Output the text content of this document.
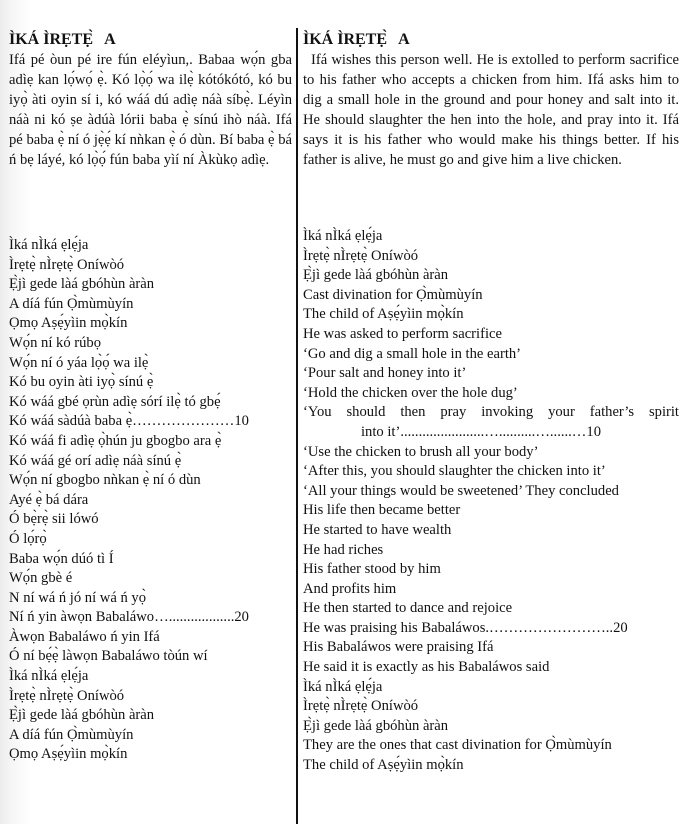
ÌKÁ ÌRẸTẸ̀   A

Ifá pé òun pé ire fún eléyìun,. Babaa wọ́n gba adìẹ kan lọ́wọ́ ẹ̀. Kó lọ̀ọ́ wa ilẹ̀ kótókótó, kó bu iyọ̀ àti oyin sí i, kó wáá dú adìẹ náà síbẹ̀. Léyìn náà ni kó ṣe àdúà lórii baba ẹ̀ sínú ihò náà. Ifá pé baba ẹ̀ ní ó jẹ̀ẹ́ kí nǹkan ẹ̀ ó dùn. Bí baba ẹ̀ bá ń bẹ láyé, kó lọ̀ọ́ fún baba yìí ní Àkùkọ adìẹ.

ÌKÁ ÌRẸTẸ̀   A

Ifá wishes this person well. He is extolled to perform sacrifice to his father who accepts a chicken from him. Ifá asks him to dig a small hole in the ground and pour honey and salt into it. He should slaughter the hen into the hole, and pray into it. Ifá says it is his father who would make his things better. If his father is alive, he must go and give him a live chicken.

Ìká nÌká ẹlẹ́ja
Ìrẹtẹ̀ nÌrẹtẹ̀ Oníwòó
Ẹ̀jì gede làá gbóhùn àràn
A díá fún Ọ̀mùmùyín
Ọmọ Aṣẹ́yìin mọ̀kín
Wọ́n ní kó rúbọ
Wọ́n ní ó yáa lọ̀ọ́ wa ilẹ̀
Kó bu oyin àti iyọ̀ sínú ẹ̀
Kó wáá gbé ọrùn adìẹ sórí ilẹ̀ tó gbẹ́
Kó wáá sàdúà baba ẹ̀…………………10
Kó wáá fi adìẹ ọ̀hún ju gbogbo ara ẹ̀
Kó wáá gé orí adìẹ náà sínú ẹ̀
Wọ́n ní gbogbo nǹkan ẹ̀ ní ó dùn
Ayé ẹ̀ bá dára
Ó bẹ̀rẹ̀ sii lówó
Ó lọ́rọ̀
Baba wọ́n dúó tì Í
Wọ́n gbè é
N ní wá ń jó ní wá ń yọ̀
Ní ń yin àwọn Babaláwo…..................20
Àwọn Babaláwo ń yin Ifá
Ó ní bẹ́ẹ̀ làwọn Babaláwo tòún wí
Ìká nÌká ẹlẹ́ja
Ìrẹtẹ̀ nÌrẹtẹ̀ Oníwòó
Ẹ̀jì gede làá gbóhùn àràn
A díá fún Ọ̀mùmùyín
Ọmọ Aṣẹ́yìin mọ̀kín
Ìká nÌká ẹlẹ́ja
Ìrẹtẹ̀ nÌrẹtẹ̀ Oníwòó
Ẹ̀jì gede làá gbóhùn àràn
Cast divination for Ọ̀mùmùyín
The child of Aṣẹ́yìin mọ̀kín
He was asked to perform sacrifice
‘Go and dig a small hole in the earth’
‘Pour salt and honey into it’
‘Hold the chicken over the hole dug’
‘You should then pray invoking your father’s spirit
into it’.......................…..........…......…10
‘Use the chicken to brush all your body’
‘After this, you should slaughter the chicken into it’
‘All your things would be sweetened’ They concluded
His life then became better
He started to have wealth
He had riches
His father stood by him
And profits him
He then started to dance and rejoice
He was praising his Babaláwos.……………………..20
His Babaláwos were praising Ifá
He said it is exactly as his Babaláwos said
Ìká nÌká ẹlẹ́ja
Ìrẹtẹ̀ nÌrẹtẹ̀ Oníwòó
Ẹ̀jì gede làá gbóhùn àràn
They are the ones that cast divination for Ọ̀mùmùyín
The child of Aṣẹ́yìin mọ̀kín
